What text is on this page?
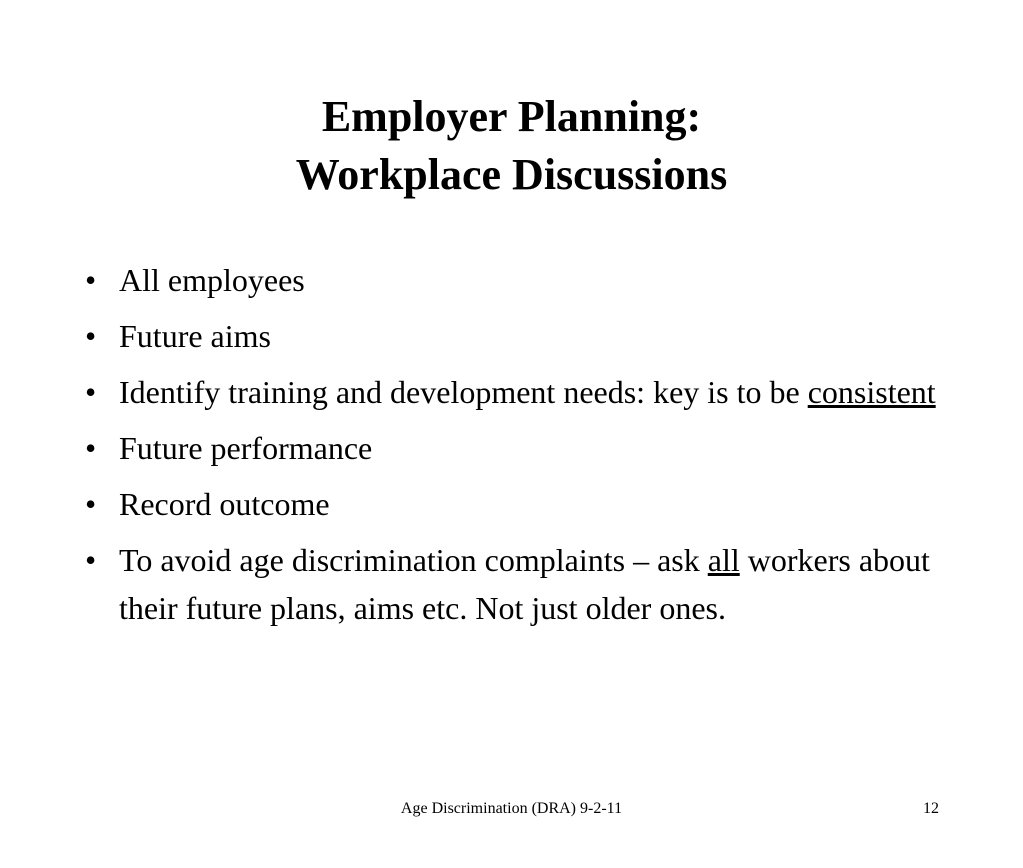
Employer Planning:
Workplace Discussions
• All employees
• Future aims
• Identify training and development needs: key is to be consistent
• Future performance
• Record outcome
• To avoid age discrimination complaints – ask all workers about their future plans, aims etc. Not just older ones.
Age Discrimination (DRA) 9-2-11	12
